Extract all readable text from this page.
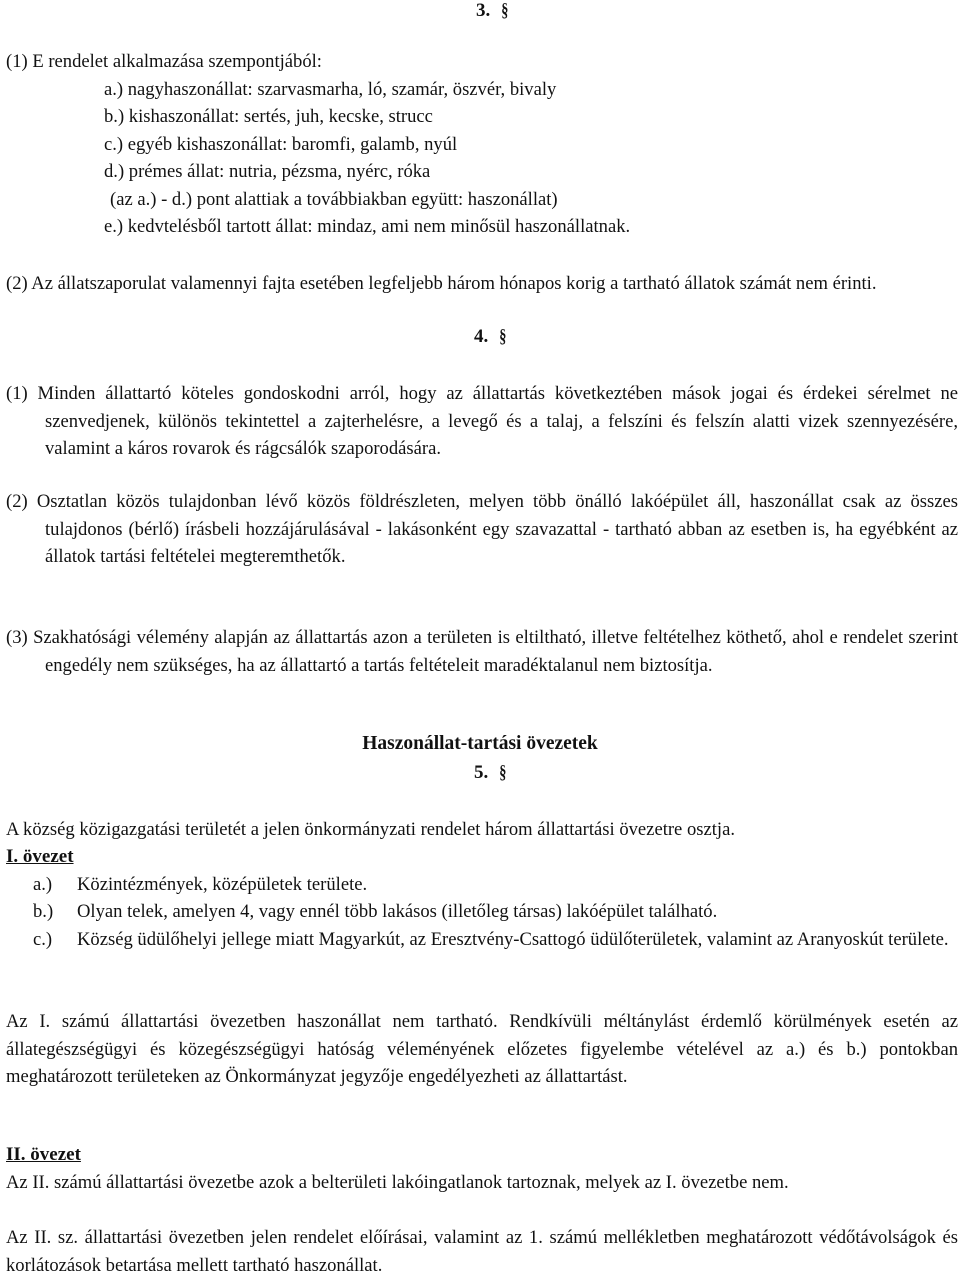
3. §
(1) E rendelet alkalmazása szempontjából:
a.) nagyhaszonállat: szarvasmarha, ló, szamár, öszvér, bivaly
b.) kishaszonállat: sertés, juh, kecske, strucc
c.) egyéb kishaszonállat: baromfi, galamb, nyúl
d.) prémes állat: nutria, pézsma, nyérc, róka
(az a.) - d.) pont alattiak a továbbiakban együtt: haszonállat)
e.) kedvtelésből tartott állat: mindaz, ami nem minősül haszonállatnak.
(2) Az állatszaporulat valamennyi fajta esetében legfeljebb három hónapos korig a tartható állatok számát nem érinti.
4. §
(1) Minden állattartó köteles gondoskodni arról, hogy az állattartás következtében mások jogai és érdekei sérelmet ne szenvedjenek, különös tekintettel a zajterhelésre, a levegő és a talaj, a felszíni és felszín alatti vizek szennyezésére, valamint a káros rovarok és rágcsálók szaporodására.
(2) Osztatlan közös tulajdonban lévő közös földrészleten, melyen több önálló lakóépület áll, haszonállat csak az összes tulajdonos (bérlő) írásbeli hozzájárulásával - lakásonként egy szavazattal - tartható abban az esetben is, ha egyébként az állatok tartási feltételei megteremthetők.
(3) Szakhatósági vélemény alapján az állattartás azon a területen is eltiltható, illetve feltételhez köthető, ahol e rendelet szerint engedély nem szükséges, ha az állattartó a tartás feltételeit maradéktalanul nem biztosítja.
Haszonállat-tartási övezetek
5. §
A község közigazgatási területét a jelen önkormányzati rendelet három állattartási övezetre osztja.
I. övezet
a.) Közintézmények, középületek területe.
b.) Olyan telek, amelyen 4, vagy ennél több lakásos (illetőleg társas) lakóépület található.
c.) Község üdülőhelyi jellege miatt Magyarkút, az Eresztvény-Csattogó üdülőterületek, valamint az Aranyoskút területe.
Az I. számú állattartási övezetben haszonállat nem tartható. Rendkívüli méltánylást érdemlő körülmények esetén az állategészségügyi és közegészségügyi hatóság véleményének előzetes figyelembe vételével az a.) és b.) pontokban meghatározott területeken az Önkormányzat jegyzője engedélyezheti az állattartást.
II. övezet
Az II. számú állattartási övezetbe azok a belterületi lakóingatlanok tartoznak, melyek az I. övezetbe nem.
Az II. sz. állattartási övezetben jelen rendelet előírásai, valamint az 1. számú mellékletben meghatározott védőtávolságok és korlátozások betartása mellett tartható haszonállat.
